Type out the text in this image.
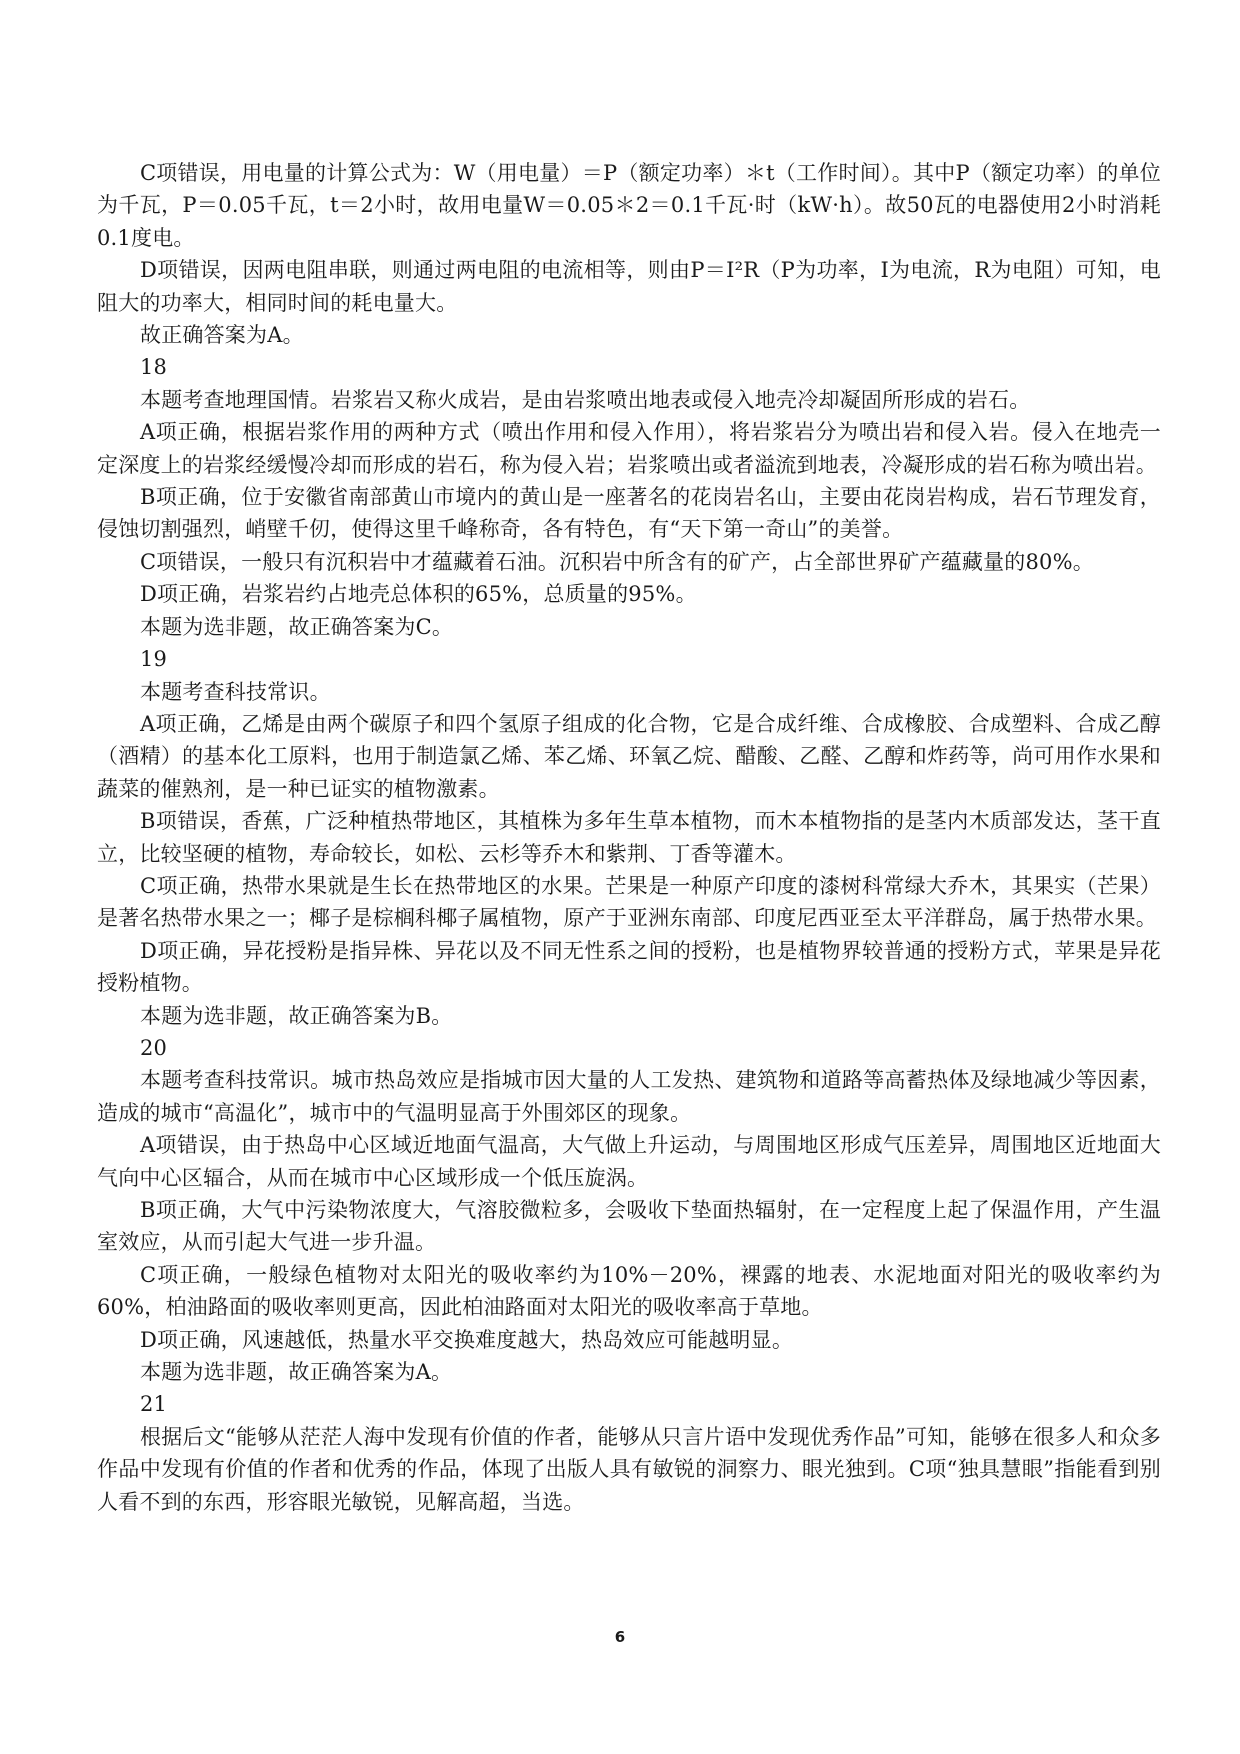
C项错误，用电量的计算公式为：W（用电量）＝P（额定功率）＊t（工作时间）。其中P（额定功率）的单位为千瓦，P＝0.05千瓦，t＝2小时，故用电量W＝0.05＊2＝0.1千瓦·时（kW·h）。故50瓦的电器使用2小时消耗0.1度电。

D项错误，因两电阻串联，则通过两电阻的电流相等，则由P＝I²R（P为功率，I为电流，R为电阻）可知，电阻大的功率大，相同时间的耗电量大。

故正确答案为A。

18

本题考查地理国情。岩浆岩又称火成岩，是由岩浆喷出地表或侵入地壳冷却凝固所形成的岩石。

A项正确，根据岩浆作用的两种方式（喷出作用和侵入作用），将岩浆岩分为喷出岩和侵入岩。侵入在地壳一定深度上的岩浆经缓慢冷却而形成的岩石，称为侵入岩；岩浆喷出或者溢流到地表，冷凝形成的岩石称为喷出岩。

B项正确，位于安徽省南部黄山市境内的黄山是一座著名的花岗岩名山，主要由花岗岩构成，岩石节理发育，侵蚀切割强烈，峭壁千仞，使得这里千峰称奇，各有特色，有“天下第一奇山”的美誉。

C项错误，一般只有沉积岩中才蕴藏着石油。沉积岩中所含有的矿产，占全部世界矿产蕴藏量的80%。

D项正确，岩浆岩约占地壳总体积的65%，总质量的95%。

本题为选非题，故正确答案为C。

19

本题考查科技常识。

A项正确，乙烯是由两个碳原子和四个氢原子组成的化合物，它是合成纤维、合成橡胶、合成塑料、合成乙醇（酒精）的基本化工原料，也用于制造氯乙烯、苯乙烯、环氧乙烷、醋酸、乙醛、乙醇和炸药等，尚可用作水果和蔬菜的催熟剂，是一种已证实的植物激素。

B项错误，香蕉，广泛种植热带地区，其植株为多年生草本植物，而木本植物指的是茎内木质部发达，茎干直立，比较坚硬的植物，寿命较长，如松、云杉等乔木和紫荆、丁香等灌木。

C项正确，热带水果就是生长在热带地区的水果。芒果是一种原产印度的漆树科常绿大乔木，其果实（芒果）是著名热带水果之一；椰子是棕榈科椰子属植物，原产于亚洲东南部、印度尼西亚至太平洋群岛，属于热带水果。

D项正确，异花授粉是指异株、异花以及不同无性系之间的授粉，也是植物界较普通的授粉方式，苹果是异花授粉植物。

本题为选非题，故正确答案为B。

20

本题考查科技常识。城市热岛效应是指城市因大量的人工发热、建筑物和道路等高蓄热体及绿地减少等因素，造成的城市“高温化”，城市中的气温明显高于外围郊区的现象。

A项错误，由于热岛中心区域近地面气温高，大气做上升运动，与周围地区形成气压差异，周围地区近地面大气向中心区辐合，从而在城市中心区域形成一个低压旋涡。

B项正确，大气中污染物浓度大，气溶胶微粒多，会吸收下垫面热辐射，在一定程度上起了保温作用，产生温室效应，从而引起大气进一步升温。

C项正确，一般绿色植物对太阳光的吸收率约为10%－20%，裸露的地表、水泥地面对阳光的吸收率约为60%，柏油路面的吸收率则更高，因此柏油路面对太阳光的吸收率高于草地。

D项正确，风速越低，热量水平交换难度越大，热岛效应可能越明显。

本题为选非题，故正确答案为A。

21

根据后文“能够从茫茫人海中发现有价值的作者，能够从只言片语中发现优秀作品”可知，能够在很多人和众多作品中发现有价值的作者和优秀的作品，体现了出版人具有敏锐的洞察力、眼光独到。C项“独具慧眼”指能看到别人看不到的东西，形容眼光敏锐，见解高超，当选。

6
